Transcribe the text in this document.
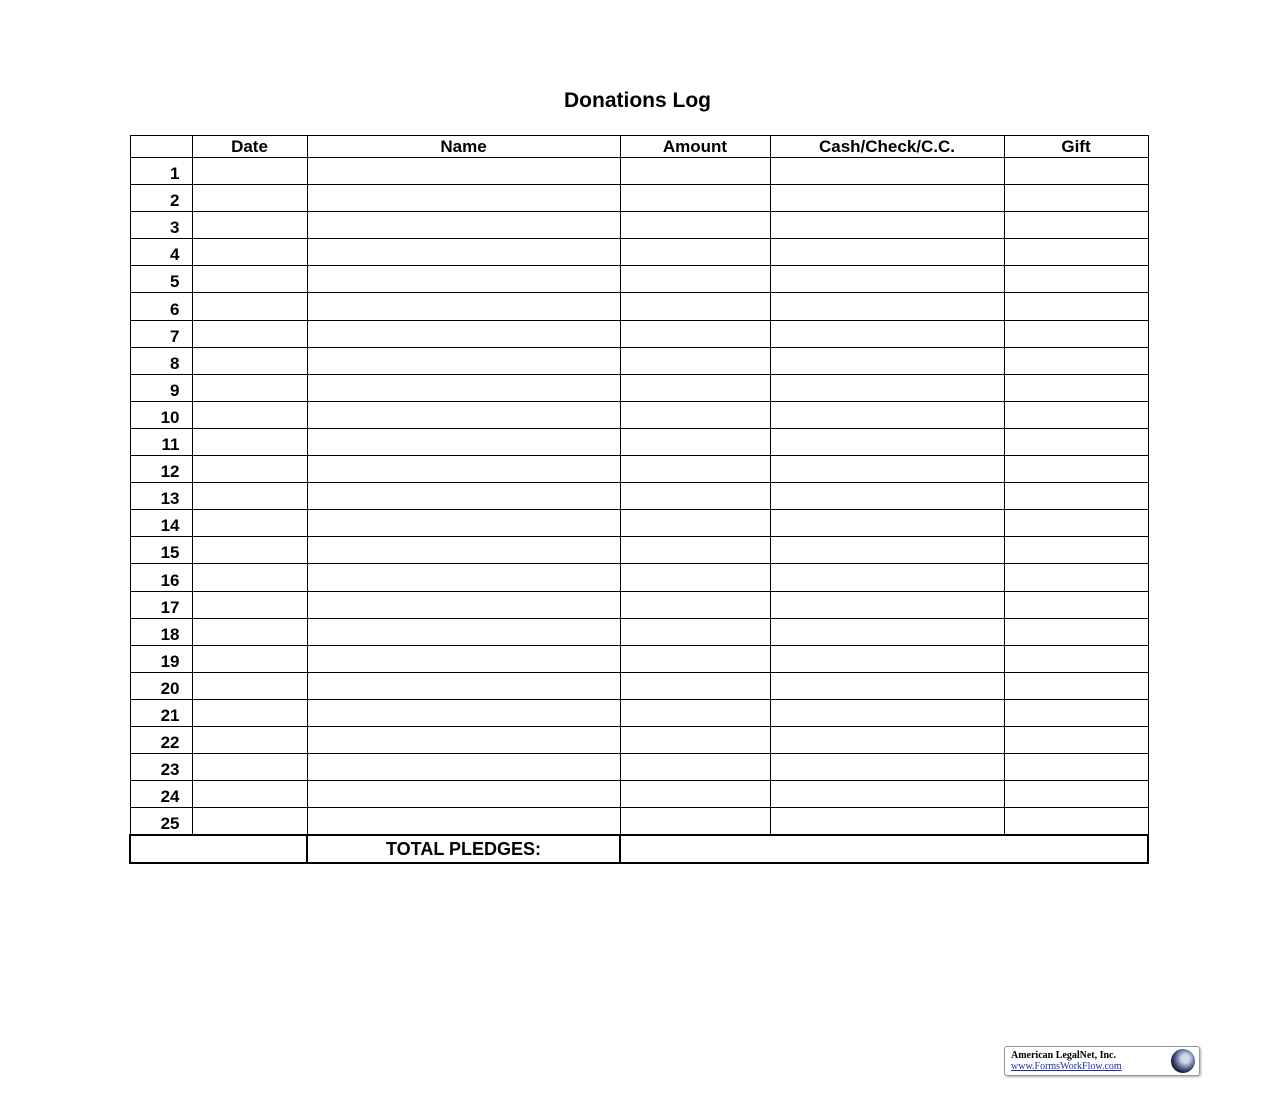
Donations Log
	Date	Name	Amount	Cash/Check/C.C.	Gift
1					
2					
3					
4					
5					
6					
7					
8					
9					
10					
11					
12					
13					
14					
15					
16					
17					
18					
19					
20					
21					
22					
23					
24					
25					
		TOTAL PLEDGES:			
American LegalNet, Inc.
www.FormsWorkFlow.com
